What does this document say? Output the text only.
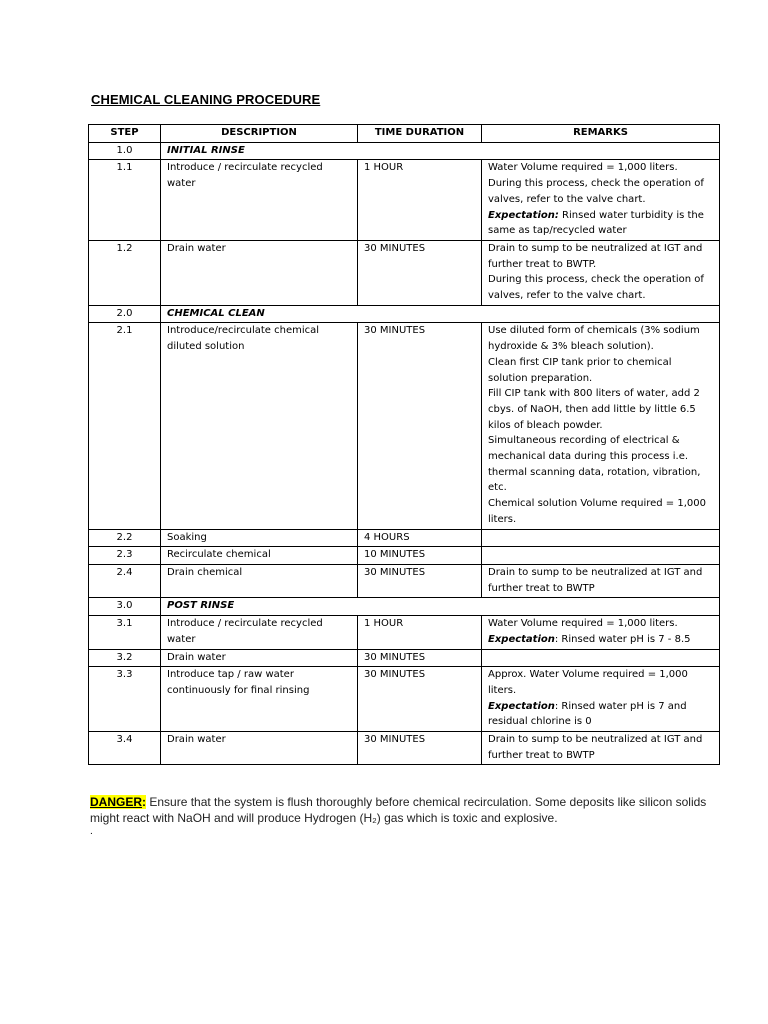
CHEMICAL CLEANING PROCEDURE
STEP	DESCRIPTION	TIME DURATION	REMARKS
1.0	INITIAL RINSE		
1.1	Introduce / recirculate recycled water	1 HOUR	Water Volume required = 1,000 liters.

During this process, check the operation of valves, refer to the valve chart.

Expectation: Rinsed water turbidity is the same as tap/recycled water

1.2	Drain water	30 MINUTES	Drain to sump to be neutralized at IGT and further treat to BWTP.

During this process, check the operation of valves, refer to the valve chart.

2.0	CHEMICAL CLEAN		
2.1	Introduce/recirculate chemical diluted solution	30 MINUTES	Use diluted form of chemicals (3% sodium hydroxide & 3% bleach solution).

Clean first CIP tank prior to chemical solution preparation.

Fill CIP tank with 800 liters of water, add 2 cbys. of NaOH, then add little by little 6.5 kilos of bleach powder.

Simultaneous recording of electrical & mechanical data during this process i.e. thermal scanning data, rotation, vibration, etc.

Chemical solution Volume required = 1,000 liters.

2.2	Soaking	4 HOURS	
2.3	Recirculate chemical	10 MINUTES	
2.4	Drain chemical	30 MINUTES	Drain to sump to be neutralized at IGT and further treat to BWTP

3.0	POST RINSE		
3.1	Introduce / recirculate recycled water	1 HOUR	Water Volume required = 1,000 liters.

Expectation: Rinsed water pH is 7 - 8.5

3.2	Drain water	30 MINUTES	
3.3	Introduce tap / raw water continuously for final rinsing	30 MINUTES	Approx. Water Volume required = 1,000 liters.

Expectation: Rinsed water pH is 7 and residual chlorine is 0

3.4	Drain water	30 MINUTES	Drain to sump to be neutralized at IGT and further treat to BWTP

DANGER: Ensure that the system is flush thoroughly before chemical recirculation. Some deposits like silicon solids might react with NaOH and will produce Hydrogen (H₂) gas which is toxic and explosive.
.
